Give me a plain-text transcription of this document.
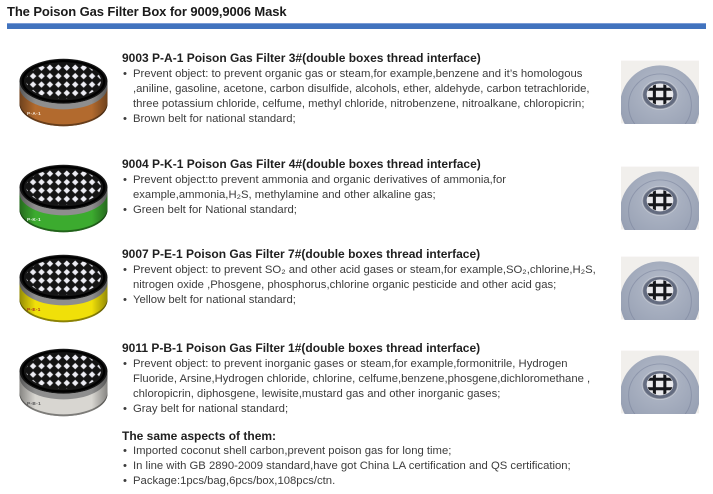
The Poison Gas Filter Box for 9009,9006 Mask
P-A-1
9003 P-A-1 Poison Gas Filter 3#(double boxes thread interface)
• Prevent object: to prevent organic gas or steam,for example,benzene and it’s homologous ,aniline, gasoline, acetone, carbon disulfide, alcohols, ether, aldehyde, carbon tetrachloride, three potassium chloride, celfume, methyl chloride, nitrobenzene, nitroalkane, chloropicrin;
• Brown belt for national standard;
P-K-1
9004 P-K-1 Poison Gas Filter 4#(double boxes thread interface)
• Prevent object:to prevent ammonia and organic derivatives of ammonia,for example,ammonia,H₂S, methylamine and other alkaline gas;
• Green belt for National standard;
P-E-1
9007 P-E-1 Poison Gas Filter 7#(double boxes thread interface)
• Prevent object: to prevent SO₂ and other acid gases or steam,for example,SO₂,chlorine,H₂S, nitrogen oxide ,Phosgene, phosphorus,chlorine organic pesticide and other acid gas;
• Yellow belt for national standard;
P-B-1
9011 P-B-1 Poison Gas Filter 1#(double boxes thread interface)
• Prevent object: to prevent inorganic gases or steam,for example,formonitrile, Hydrogen Fluoride, Arsine,Hydrogen chloride, chlorine, celfume,benzene,phosgene,dichloromethane , chloropicrin, diphosgene, lewisite,mustard gas and other inorganic gases;
• Gray belt for national standard;
The same aspects of them:
• Imported coconut shell carbon,prevent poison gas for long time;
• In line with GB 2890-2009 standard,have got China LA certification and QS certification;
• Package:1pcs/bag,6pcs/box,108pcs/ctn.
